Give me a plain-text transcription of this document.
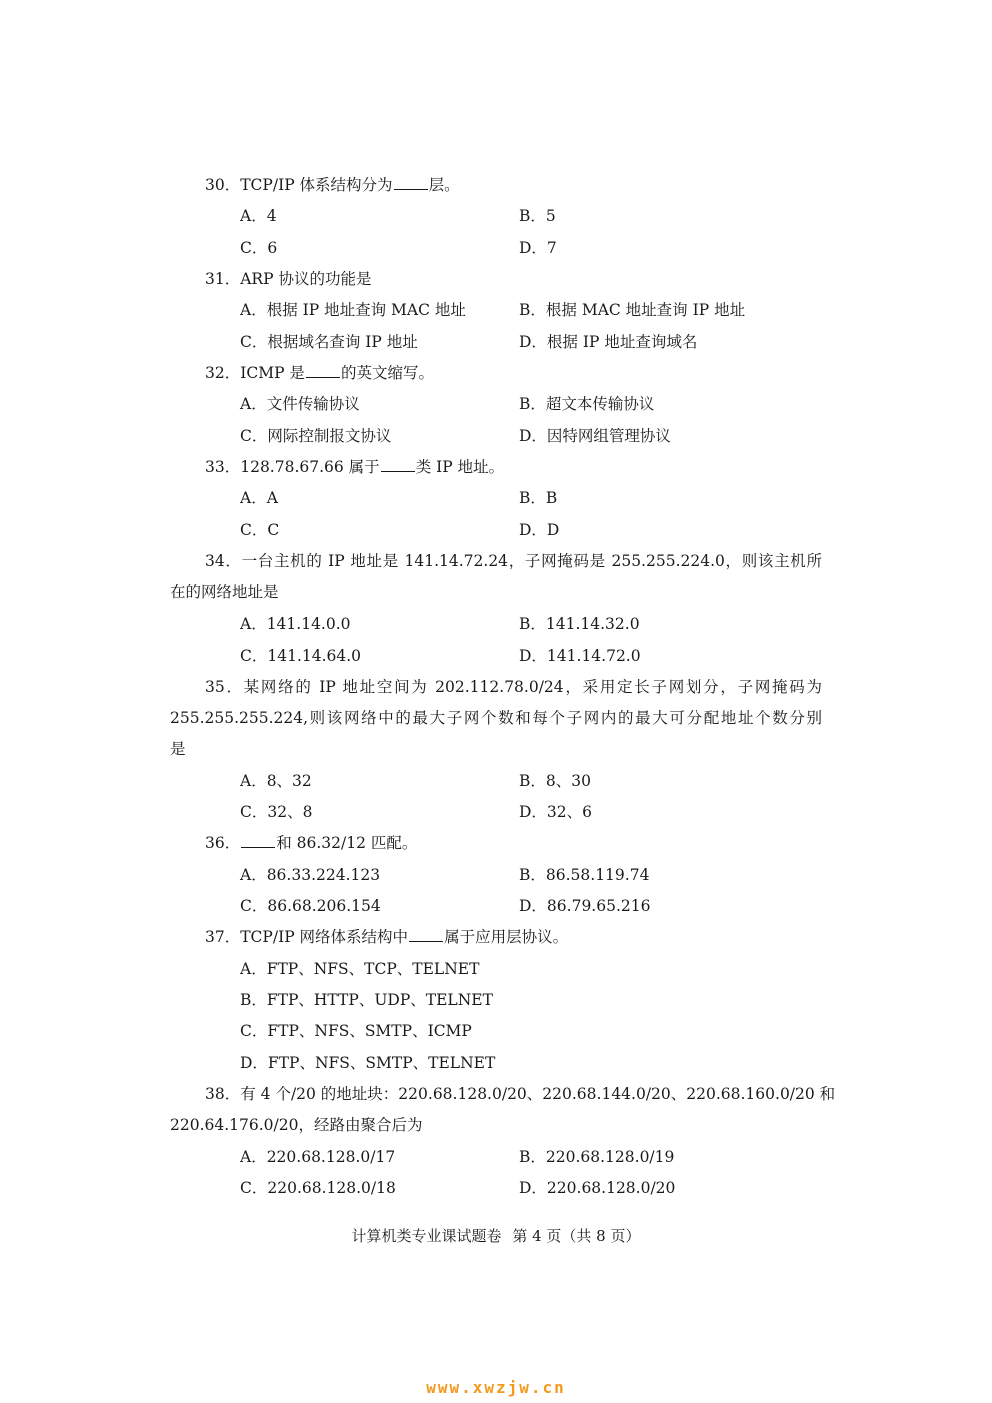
30．TCP/IP 体系结构分为 层。
A．4	B．5
C．6	D．7
31．ARP 协议的功能是
A．根据 IP 地址查询 MAC 地址	B．根据 MAC 地址查询 IP 地址
C．根据域名查询 IP 地址	D．根据 IP 地址查询域名
32．ICMP 是 的英文缩写。
A．文件传输协议	B．超文本传输协议
C．网际控制报文协议	D．因特网组管理协议
33．128.78.67.66 属于 类 IP 地址。
A．A	B．B
C．C	D．D
34．一台主机的 IP 地址是 141.14.72.24，子网掩码是 255.255.224.0，则该主机所
在的网络地址是
A．141.14.0.0	B．141.14.32.0
C．141.14.64.0	D．141.14.72.0
35．某网络的 IP 地址空间为 202.112.78.0/24，采用定长子网划分，子网掩码为
255.255.255.224,则该网络中的最大子网个数和每个子网内的最大可分配地址个数分别
是
A．8、32	B．8、30
C．32、8	D．32、6
36． 和 86.32/12 匹配。
A．86.33.224.123	B．86.58.119.74
C．86.68.206.154	D．86.79.65.216
37．TCP/IP 网络体系结构中 属于应用层协议。
A．FTP、NFS、TCP、TELNET
B．FTP、HTTP、UDP、TELNET
C．FTP、NFS、SMTP、ICMP
D．FTP、NFS、SMTP、TELNET
38．有 4 个/20 的地址块：220.68.128.0/20、220.68.144.0/20、220.68.160.0/20 和
220.64.176.0/20，经路由聚合后为
A．220.68.128.0/17	B．220.68.128.0/19
C．220.68.128.0/18	D．220.68.128.0/20
计算机类专业课试题卷 第 4 页（共 8 页）
www.xwzjw.cn
